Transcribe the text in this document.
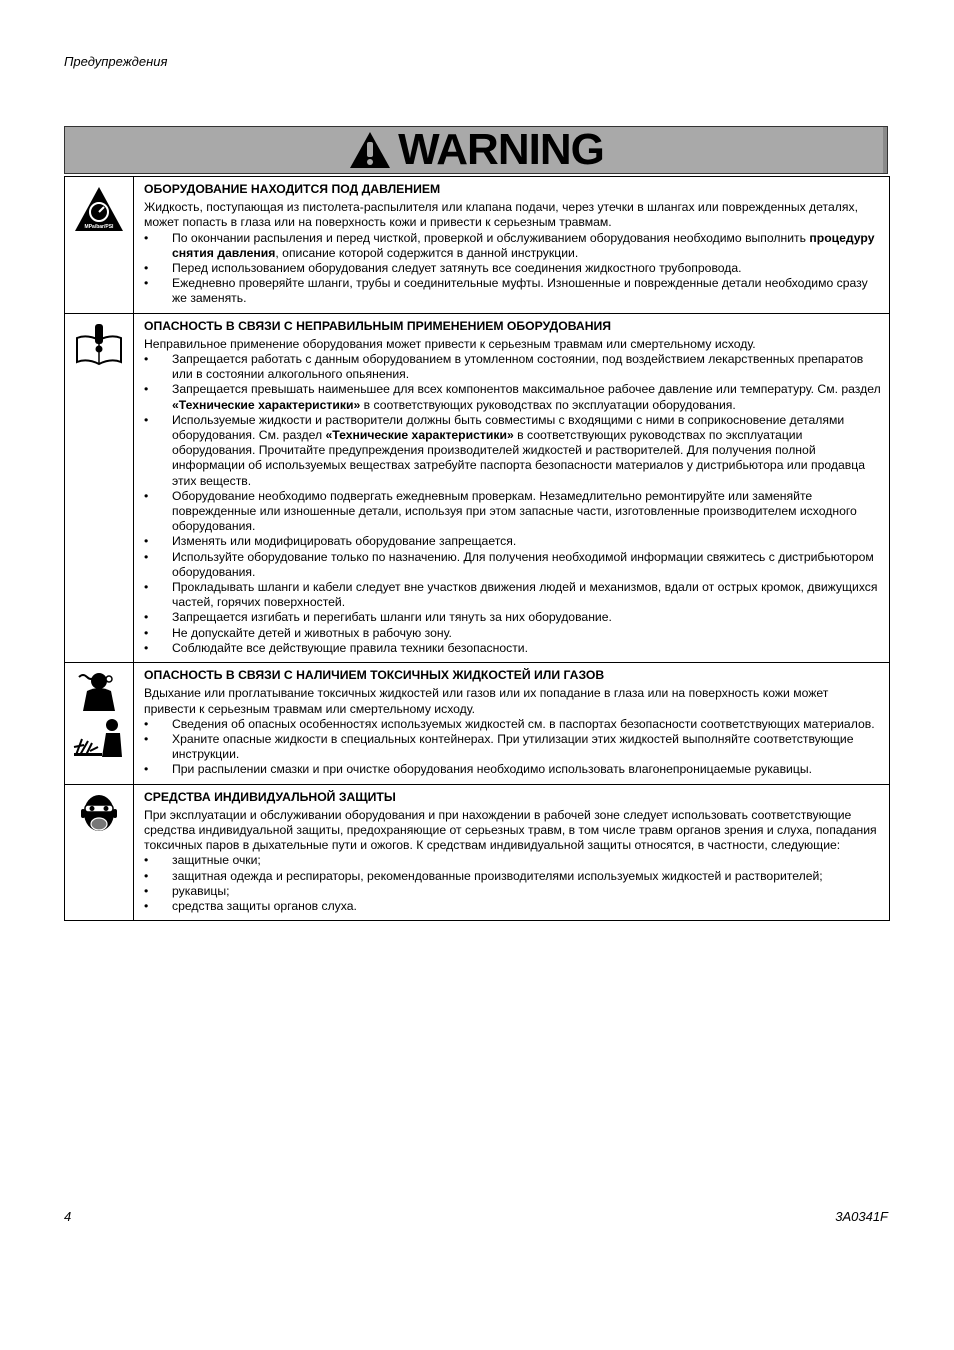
Предупреждения
WARNING
MPa/bar/PSI
ОБОРУДОВАНИЕ НАХОДИТСЯ ПОД ДАВЛЕНИЕМ
Жидкость, поступающая из пистолета-распылителя или клапана подачи, через утечки в шлангах или поврежденных деталях, может попасть в глаза или на поверхность кожи и привести к серьезным травмам.
• По окончании распыления и перед чисткой, проверкой и обслуживанием оборудования необходимо выполнить процедуру снятия давления, описание которой содержится в данной инструкции.
• Перед использованием оборудования следует затянуть все соединения жидкостного трубопровода.
• Ежедневно проверяйте шланги, трубы и соединительные муфты. Изношенные и поврежденные детали необходимо сразу же заменять.
ОПАСНОСТЬ В СВЯЗИ С НЕПРАВИЛЬНЫМ ПРИМЕНЕНИЕМ ОБОРУДОВАНИЯ
Неправильное применение оборудования может привести к серьезным травмам или смертельному исходу.
• Запрещается работать с данным оборудованием в утомленном состоянии, под воздействием лекарственных препаратов или в состоянии алкогольного опьянения.
• Запрещается превышать наименьшее для всех компонентов максимальное рабочее давление или температуру. См. раздел «Технические характеристики» в соответствующих руководствах по эксплуатации оборудования.
• Используемые жидкости и растворители должны быть совместимы с входящими с ними в соприкосновение деталями оборудования. См. раздел «Технические характеристики» в соответствующих руководствах по эксплуатации оборудования. Прочитайте предупреждения производителей жидкостей и растворителей. Для получения полной информации об используемых веществах затребуйте паспорта безопасности материалов у дистрибьютора или продавца этих веществ.
• Оборудование необходимо подвергать ежедневным проверкам. Незамедлительно ремонтируйте или заменяйте поврежденные или изношенные детали, используя при этом запасные части, изготовленные производителем исходного оборудования.
• Изменять или модифицировать оборудование запрещается.
• Используйте оборудование только по назначению. Для получения необходимой информации свяжитесь с дистрибьютором оборудования.
• Прокладывать шланги и кабели следует вне участков движения людей и механизмов, вдали от острых кромок, движущихся частей, горячих поверхностей.
• Запрещается изгибать и перегибать шланги или тянуть за них оборудование.
• Не допускайте детей и животных в рабочую зону.
• Соблюдайте все действующие правила техники безопасности.
ОПАСНОСТЬ В СВЯЗИ С НАЛИЧИЕМ ТОКСИЧНЫХ ЖИДКОСТЕЙ ИЛИ ГАЗОВ
Вдыхание или проглатывание токсичных жидкостей или газов или их попадание в глаза или на поверхность кожи может привести к серьезным травмам или смертельному исходу.
• Сведения об опасных особенностях используемых жидкостей см. в паспортах безопасности соответствующих материалов.
• Храните опасные жидкости в специальных контейнерах. При утилизации этих жидкостей выполняйте соответствующие инструкции.
• При распылении смазки и при очистке оборудования необходимо использовать влагонепроницаемые рукавицы.
СРЕДСТВА ИНДИВИДУАЛЬНОЙ ЗАЩИТЫ
При эксплуатации и обслуживании оборудования и при нахождении в рабочей зоне следует использовать соответствующие средства индивидуальной защиты, предохраняющие от серьезных травм, в том числе травм органов зрения и слуха, попадания токсичных паров в дыхательные пути и ожогов. К средствам индивидуальной защиты относятся, в частности, следующие:
• защитные очки;
• защитная одежда и респираторы, рекомендованные производителями используемых жидкостей и растворителей;
• рукавицы;
• средства защиты органов слуха.
4	3A0341F
